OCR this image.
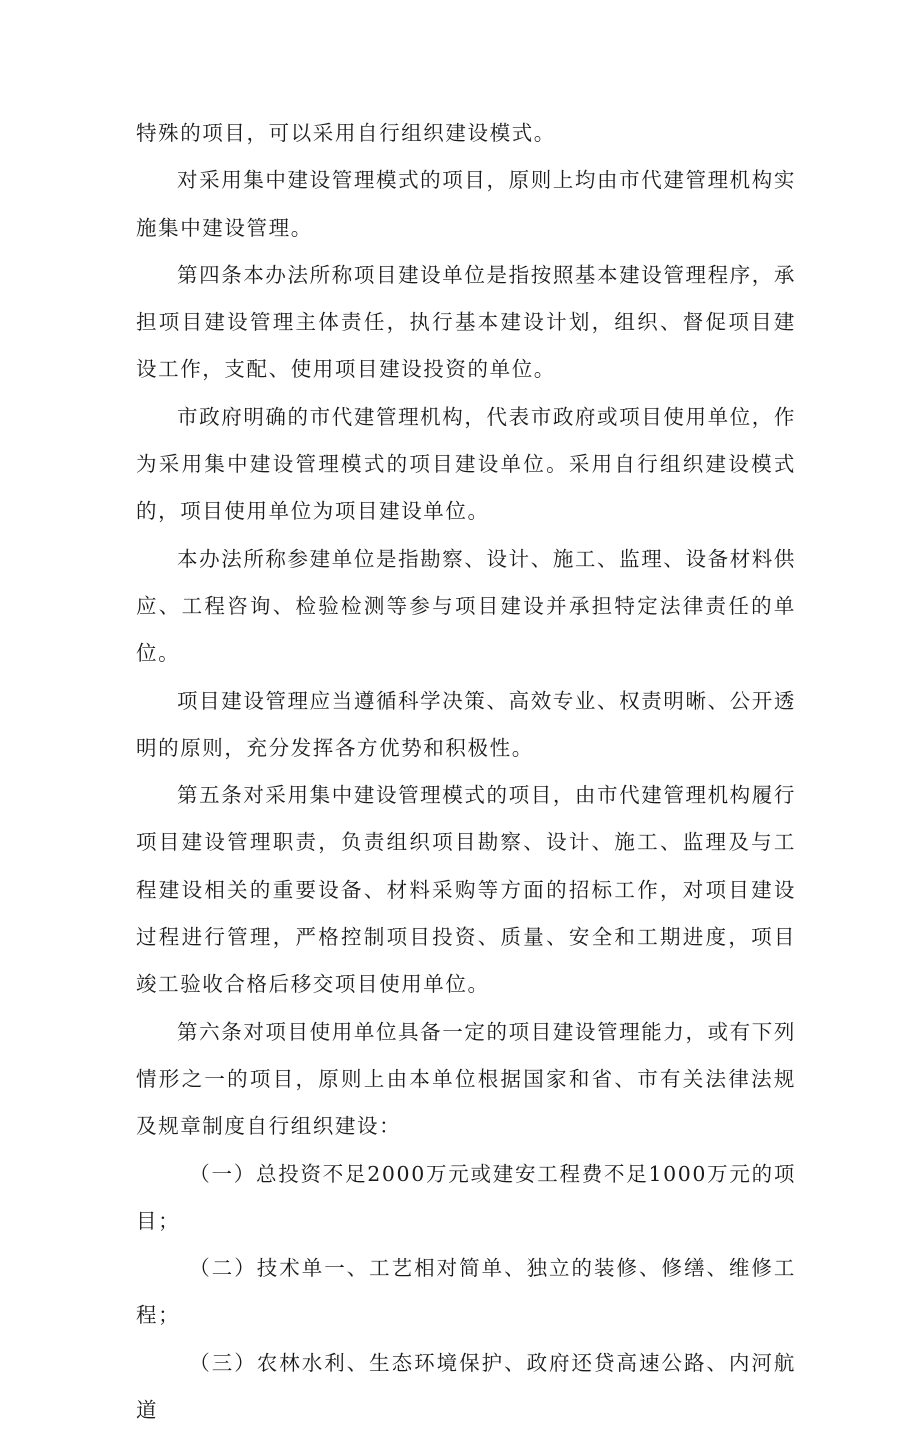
特殊的项目，可以采用自行组织建设模式。

对采用集中建设管理模式的项目，原则上均由市代建管理机构实施集中建设管理。

第四条本办法所称项目建设单位是指按照基本建设管理程序，承担项目建设管理主体责任，执行基本建设计划，组织、督促项目建设工作，支配、使用项目建设投资的单位。

市政府明确的市代建管理机构，代表市政府或项目使用单位，作为采用集中建设管理模式的项目建设单位。采用自行组织建设模式的，项目使用单位为项目建设单位。

本办法所称参建单位是指勘察、设计、施工、监理、设备材料供应、工程咨询、检验检测等参与项目建设并承担特定法律责任的单位。

项目建设管理应当遵循科学决策、高效专业、权责明晰、公开透明的原则，充分发挥各方优势和积极性。

第五条对采用集中建设管理模式的项目，由市代建管理机构履行项目建设管理职责，负责组织项目勘察、设计、施工、监理及与工程建设相关的重要设备、材料采购等方面的招标工作，对项目建设过程进行管理，严格控制项目投资、质量、安全和工期进度，项目竣工验收合格后移交项目使用单位。

第六条对项目使用单位具备一定的项目建设管理能力，或有下列情形之一的项目，原则上由本单位根据国家和省、市有关法律法规及规章制度自行组织建设：

（一）总投资不足2000万元或建安工程费不足1000万元的项目；

（二）技术单一、工艺相对简单、独立的装修、修缮、维修工程；

（三）农林水利、生态环境保护、政府还贷高速公路、内河航道
